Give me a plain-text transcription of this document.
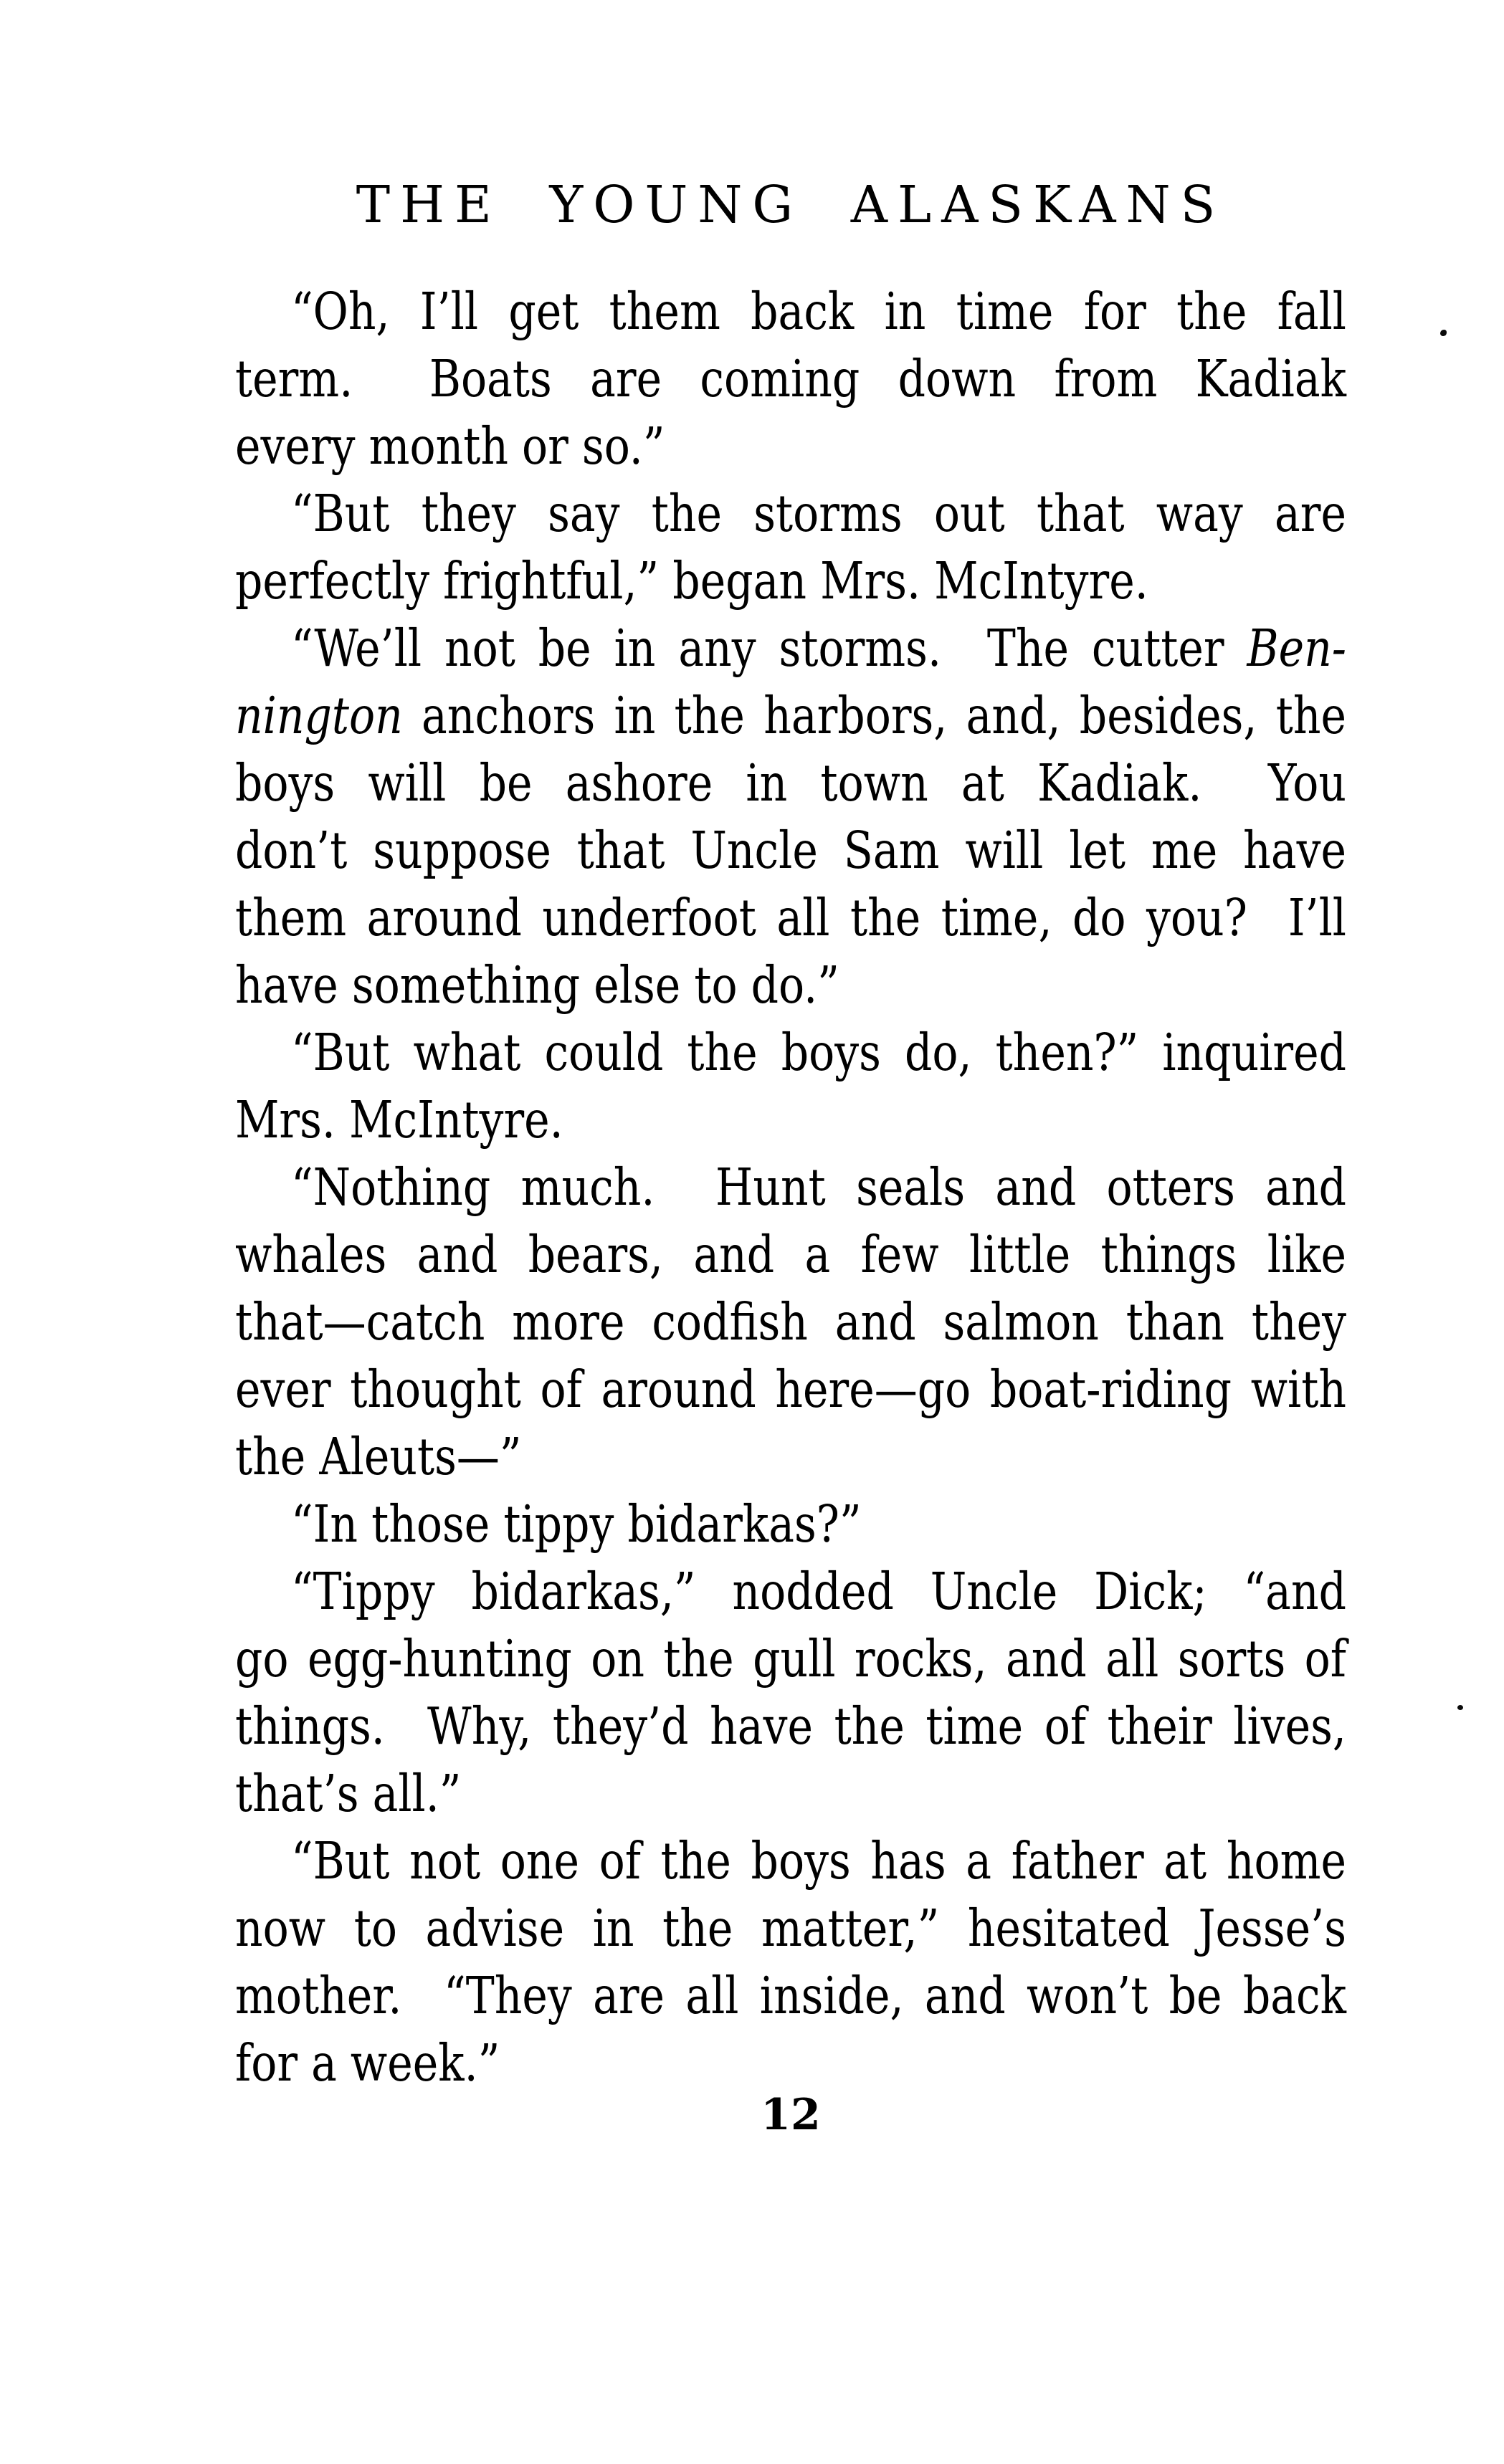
THE YOUNG ALASKANS
“Oh, I’ll get them back in time for the fall
term.  Boats are coming down from Kadiak
every month or so.”
“But they say the storms out that way are
perfectly frightful,” began Mrs. McIntyre.
“We’ll not be in any storms.  The cutter Ben-
nington anchors in the harbors, and, besides, the
boys will be ashore in town at Kadiak.  You
don’t suppose that Uncle Sam will let me have
them around underfoot all the time, do you?  I’ll
have something else to do.”
“But what could the boys do, then?” inquired
Mrs. McIntyre.
“Nothing much.  Hunt seals and otters and
whales and bears, and a few little things like
that—catch more codfish and salmon than they
ever thought of around here—go boat-riding with
the Aleuts—”
“In those tippy bidarkas?”
“Tippy bidarkas,” nodded Uncle Dick; “and
go egg-hunting on the gull rocks, and all sorts of
things.  Why, they’d have the time of their lives,
that’s all.”
“But not one of the boys has a father at home
now to advise in the matter,” hesitated Jesse’s
mother.  “They are all inside, and won’t be back
for a week.”
12
